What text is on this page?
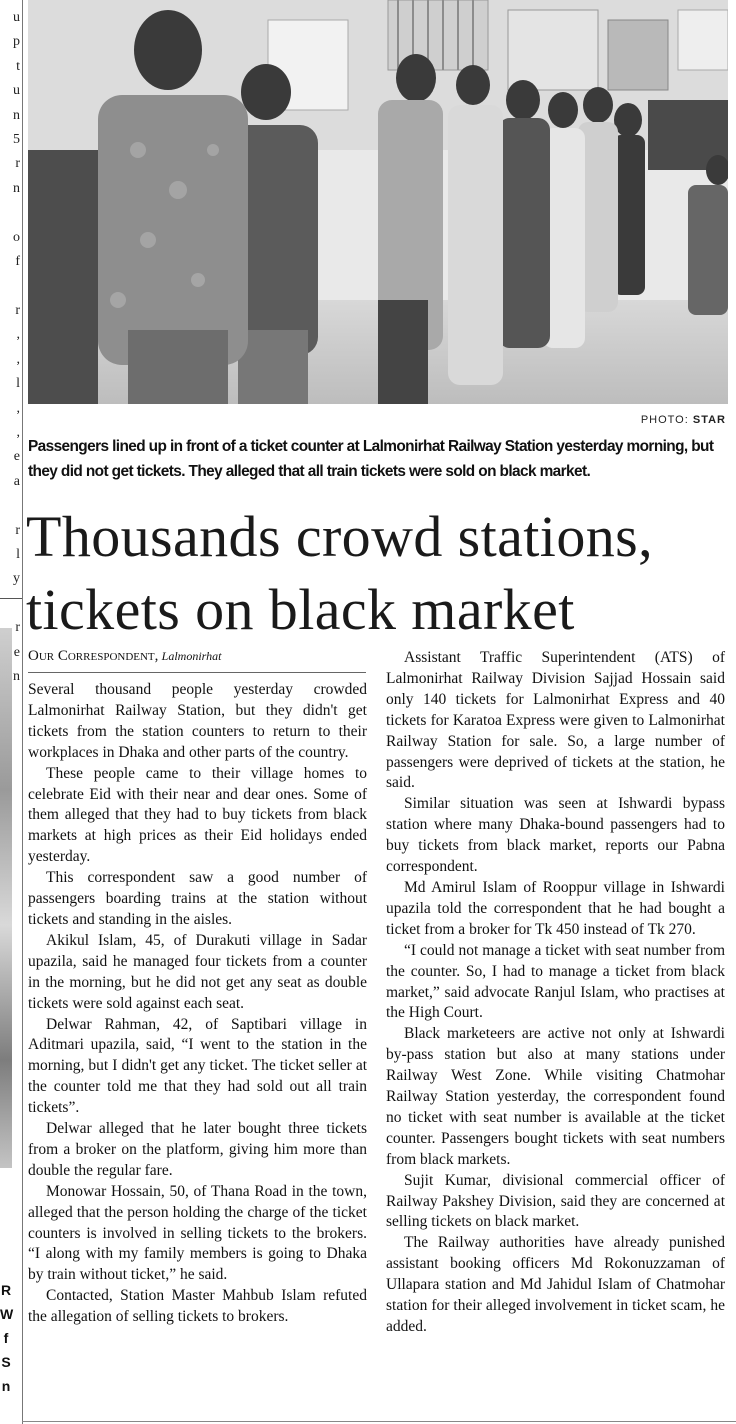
u
p
t
u
n
5
r
n

o
f

r
,
,
l
,
,
e
a

r
l
y

r
e
n
R
W
f
S
n
PHOTO: STAR
Passengers lined up in front of a ticket counter at Lalmonirhat Railway Station yesterday morning, but they did not get tickets. They alleged that all train tickets were sold on black market.
Thousands crowd stations,
tickets on black market
Our Correspondent, Lalmonirhat

Several thousand people yesterday crowded Lalmonirhat Railway Station, but they didn't get tickets from the station counters to return to their workplaces in Dhaka and other parts of the country.

These people came to their village homes to celebrate Eid with their near and dear ones. Some of them alleged that they had to buy tickets from black markets at high prices as their Eid holidays ended yesterday.

This correspondent saw a good number of passengers boarding trains at the station without tickets and standing in the aisles.

Akikul Islam, 45, of Durakuti village in Sadar upazila, said he managed four tickets from a counter in the morning, but he did not get any seat as double tickets were sold against each seat.

Delwar Rahman, 42, of Saptibari village in Aditmari upazila, said, “I went to the station in the morning, but I didn't get any ticket. The ticket seller at the counter told me that they had sold out all train tickets”.

Delwar alleged that he later bought three tickets from a broker on the platform, giving him more than double the regular fare.

Monowar Hossain, 50, of Thana Road in the town, alleged that the person holding the charge of the ticket counters is involved in selling tickets to the brokers. “I along with my family members is going to Dhaka by train without ticket,” he said.

Contacted, Station Master Mahbub Islam refuted the allegation of selling tickets to brokers.

Assistant Traffic Superintendent (ATS) of Lalmonirhat Railway Division Sajjad Hossain said only 140 tickets for Lalmonirhat Express and 40 tickets for Karatoa Express were given to Lalmonirhat Railway Station for sale. So, a large number of passengers were deprived of tickets at the station, he said.

Similar situation was seen at Ishwardi bypass station where many Dhaka-bound passengers had to buy tickets from black market, reports our Pabna correspondent.

Md Amirul Islam of Rooppur village in Ishwardi upazila told the correspondent that he had bought a ticket from a broker for Tk 450 instead of Tk 270.

“I could not manage a ticket with seat number from the counter. So, I had to manage a ticket from black market,” said advocate Ranjul Islam, who practises at the High Court.

Black marketeers are active not only at Ishwardi by-pass station but also at many stations under Railway West Zone. While visiting Chatmohar Railway Station yesterday, the correspondent found no ticket with seat number is available at the ticket counter. Passengers bought tickets with seat numbers from black markets.

Sujit Kumar, divisional commercial officer of Railway Pakshey Division, said they are concerned at selling tickets on black market.

The Railway authorities have already punished assistant booking officers Md Rokonuzzaman of Ullapara station and Md Jahidul Islam of Chatmohar station for their alleged involvement in ticket scam, he added.
